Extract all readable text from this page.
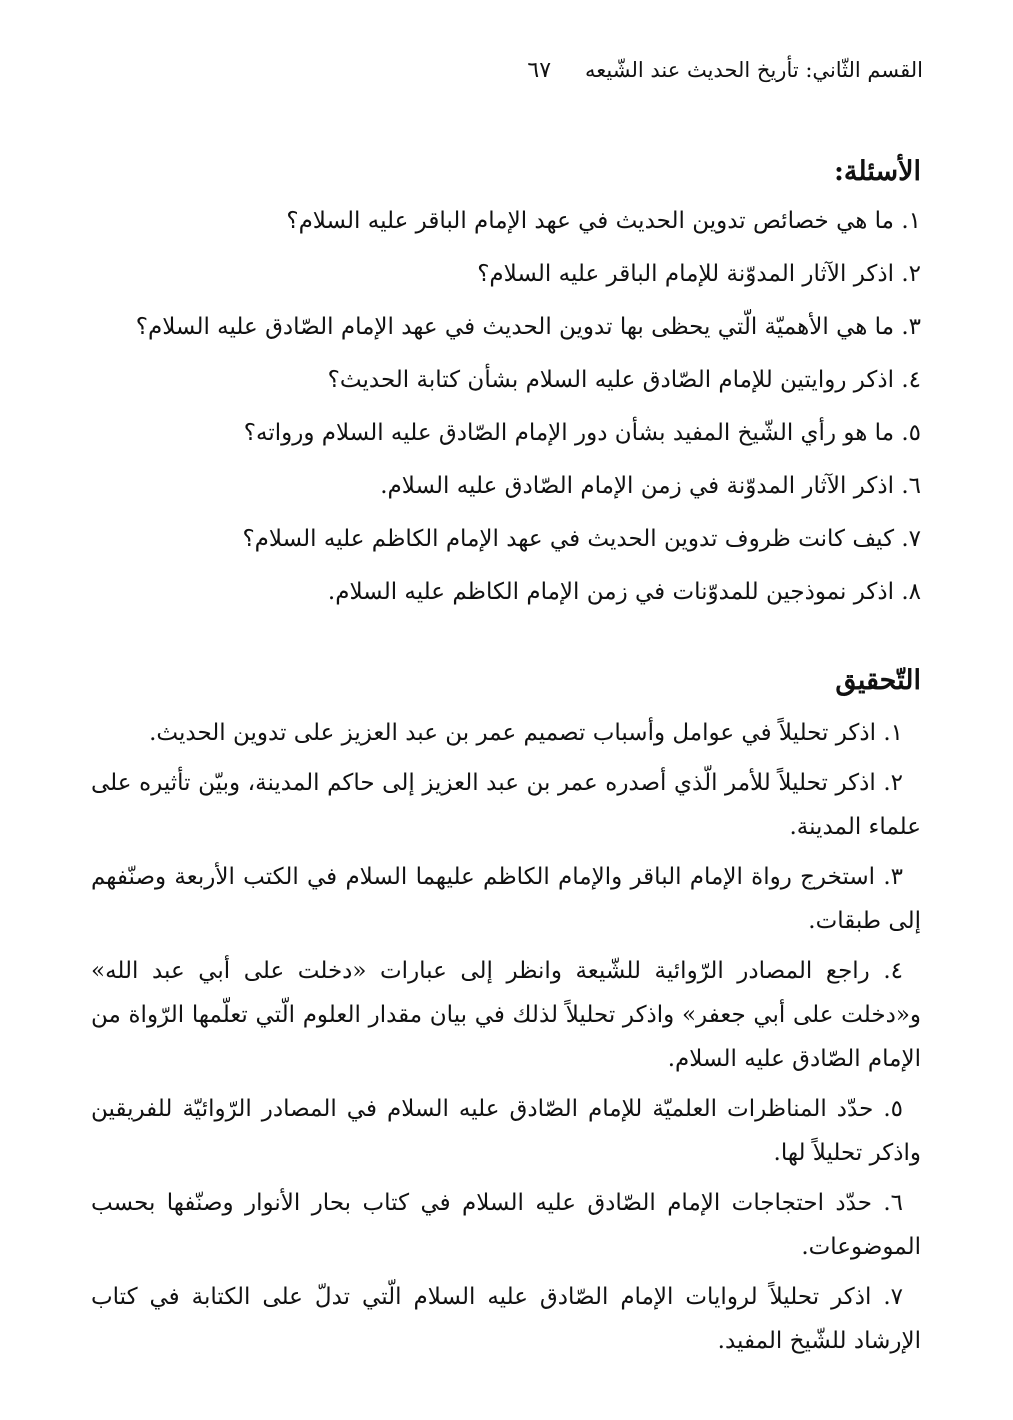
القسم الثّاني: تأريخ الحديث عند الشّيعه
٦٧
الأسئلة:
١. ما هي خصائص تدوين الحديث في عهد الإمام الباقر عليه السلام؟
٢. اذكر الآثار المدوّنة للإمام الباقر عليه السلام؟
٣. ما هي الأهميّة الّتي يحظى بها تدوين الحديث في عهد الإمام الصّادق عليه السلام؟
٤. اذكر روايتين للإمام الصّادق عليه السلام بشأن كتابة الحديث؟
٥. ما هو رأي الشّيخ المفيد بشأن دور الإمام الصّادق عليه السلام ورواته؟
٦. اذكر الآثار المدوّنة في زمن الإمام الصّادق عليه السلام.
٧. كيف كانت ظروف تدوين الحديث في عهد الإمام الكاظم عليه السلام؟
٨. اذكر نموذجين للمدوّنات في زمن الإمام الكاظم عليه السلام.
التّحقيق
١. اذكر تحليلاً في عوامل وأسباب تصميم عمر بن عبد العزيز على تدوين الحديث.
٢. اذكر تحليلاً للأمر الّذي أصدره عمر بن عبد العزيز إلى حاكم المدينة، وبيّن تأثيره على علماء المدينة.
٣. استخرج رواة الإمام الباقر والإمام الكاظم عليهما السلام في الكتب الأربعة وصنّفهم إلى طبقات.
٤. راجع المصادر الرّوائية للشّيعة وانظر إلى عبارات «دخلت على أبي عبد الله» و«دخلت على أبي جعفر» واذكر تحليلاً لذلك في بيان مقدار العلوم الّتي تعلّمها الرّواة من الإمام الصّادق عليه السلام.
٥. حدّد المناظرات العلميّة للإمام الصّادق عليه السلام في المصادر الرّوائيّة للفريقين واذكر تحليلاً لها.
٦. حدّد احتجاجات الإمام الصّادق عليه السلام في كتاب بحار الأنوار وصنّفها بحسب الموضوعات.
٧. اذكر تحليلاً لروايات الإمام الصّادق عليه السلام الّتي تدلّ على الكتابة في كتاب الإرشاد للشّيخ المفيد.
